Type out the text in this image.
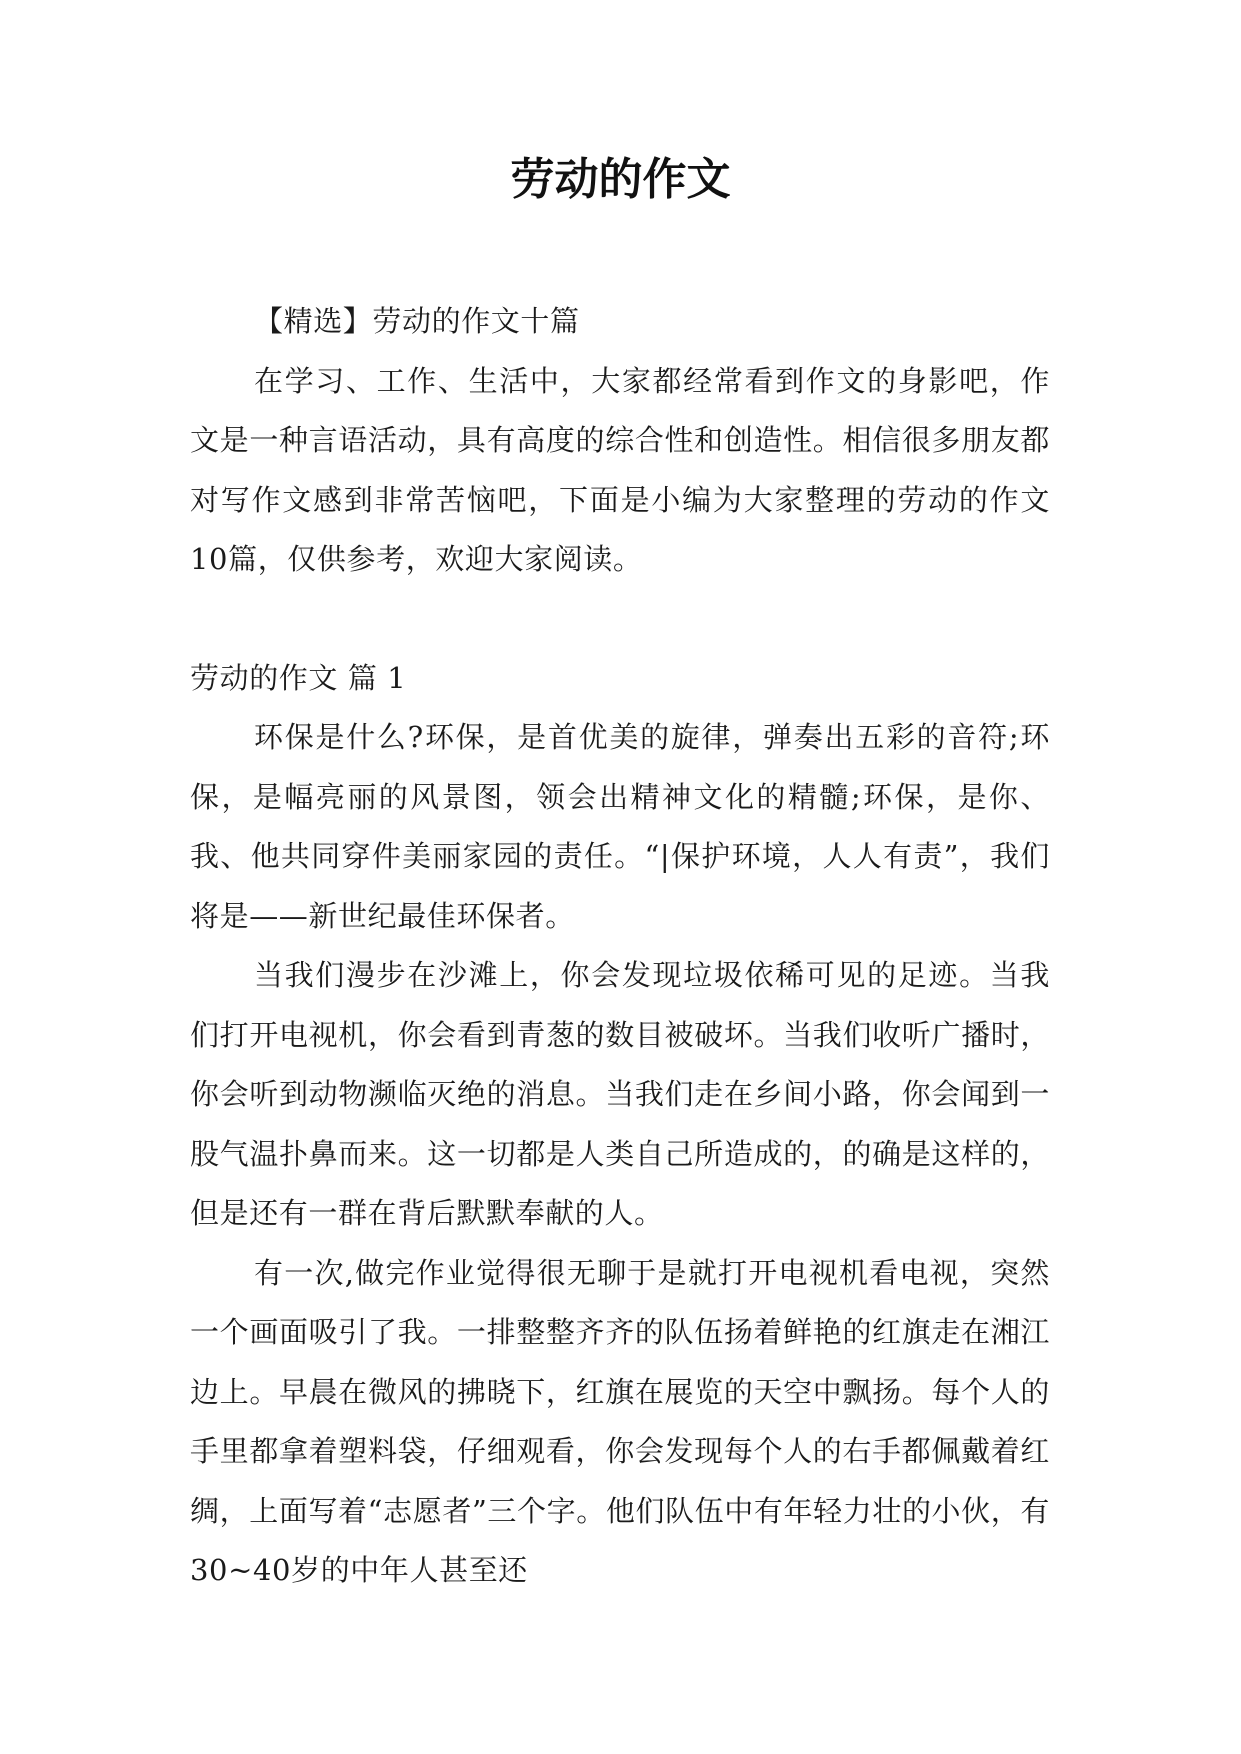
劳动的作文

【精选】劳动的作文十篇

在学习、工作、生活中，大家都经常看到作文的身影吧，作文是一种言语活动，具有高度的综合性和创造性。相信很多朋友都对写作文感到非常苦恼吧，下面是小编为大家整理的劳动的作文10篇，仅供参考，欢迎大家阅读。

劳动的作文 篇 1

环保是什么?环保，是首优美的旋律，弹奏出五彩的音符;环保，是幅亮丽的风景图，领会出精神文化的精髓;环保，是你、我、他共同穿件美丽家园的责任。“|保护环境，人人有责”，我们将是——新世纪最佳环保者。

当我们漫步在沙滩上，你会发现垃圾依稀可见的足迹。当我们打开电视机，你会看到青葱的数目被破坏。当我们收听广播时，你会听到动物濒临灭绝的消息。当我们走在乡间小路，你会闻到一股气温扑鼻而来。这一切都是人类自己所造成的，的确是这样的，但是还有一群在背后默默奉献的人。

有一次,做完作业觉得很无聊于是就打开电视机看电视，突然一个画面吸引了我。一排整整齐齐的队伍扬着鲜艳的红旗走在湘江边上。早晨在微风的拂晓下，红旗在展览的天空中飘扬。每个人的手里都拿着塑料袋，仔细观看，你会发现每个人的右手都佩戴着红绸，上面写着“志愿者”三个字。他们队伍中有年轻力壮的小伙，有30~40岁的中年人甚至还
